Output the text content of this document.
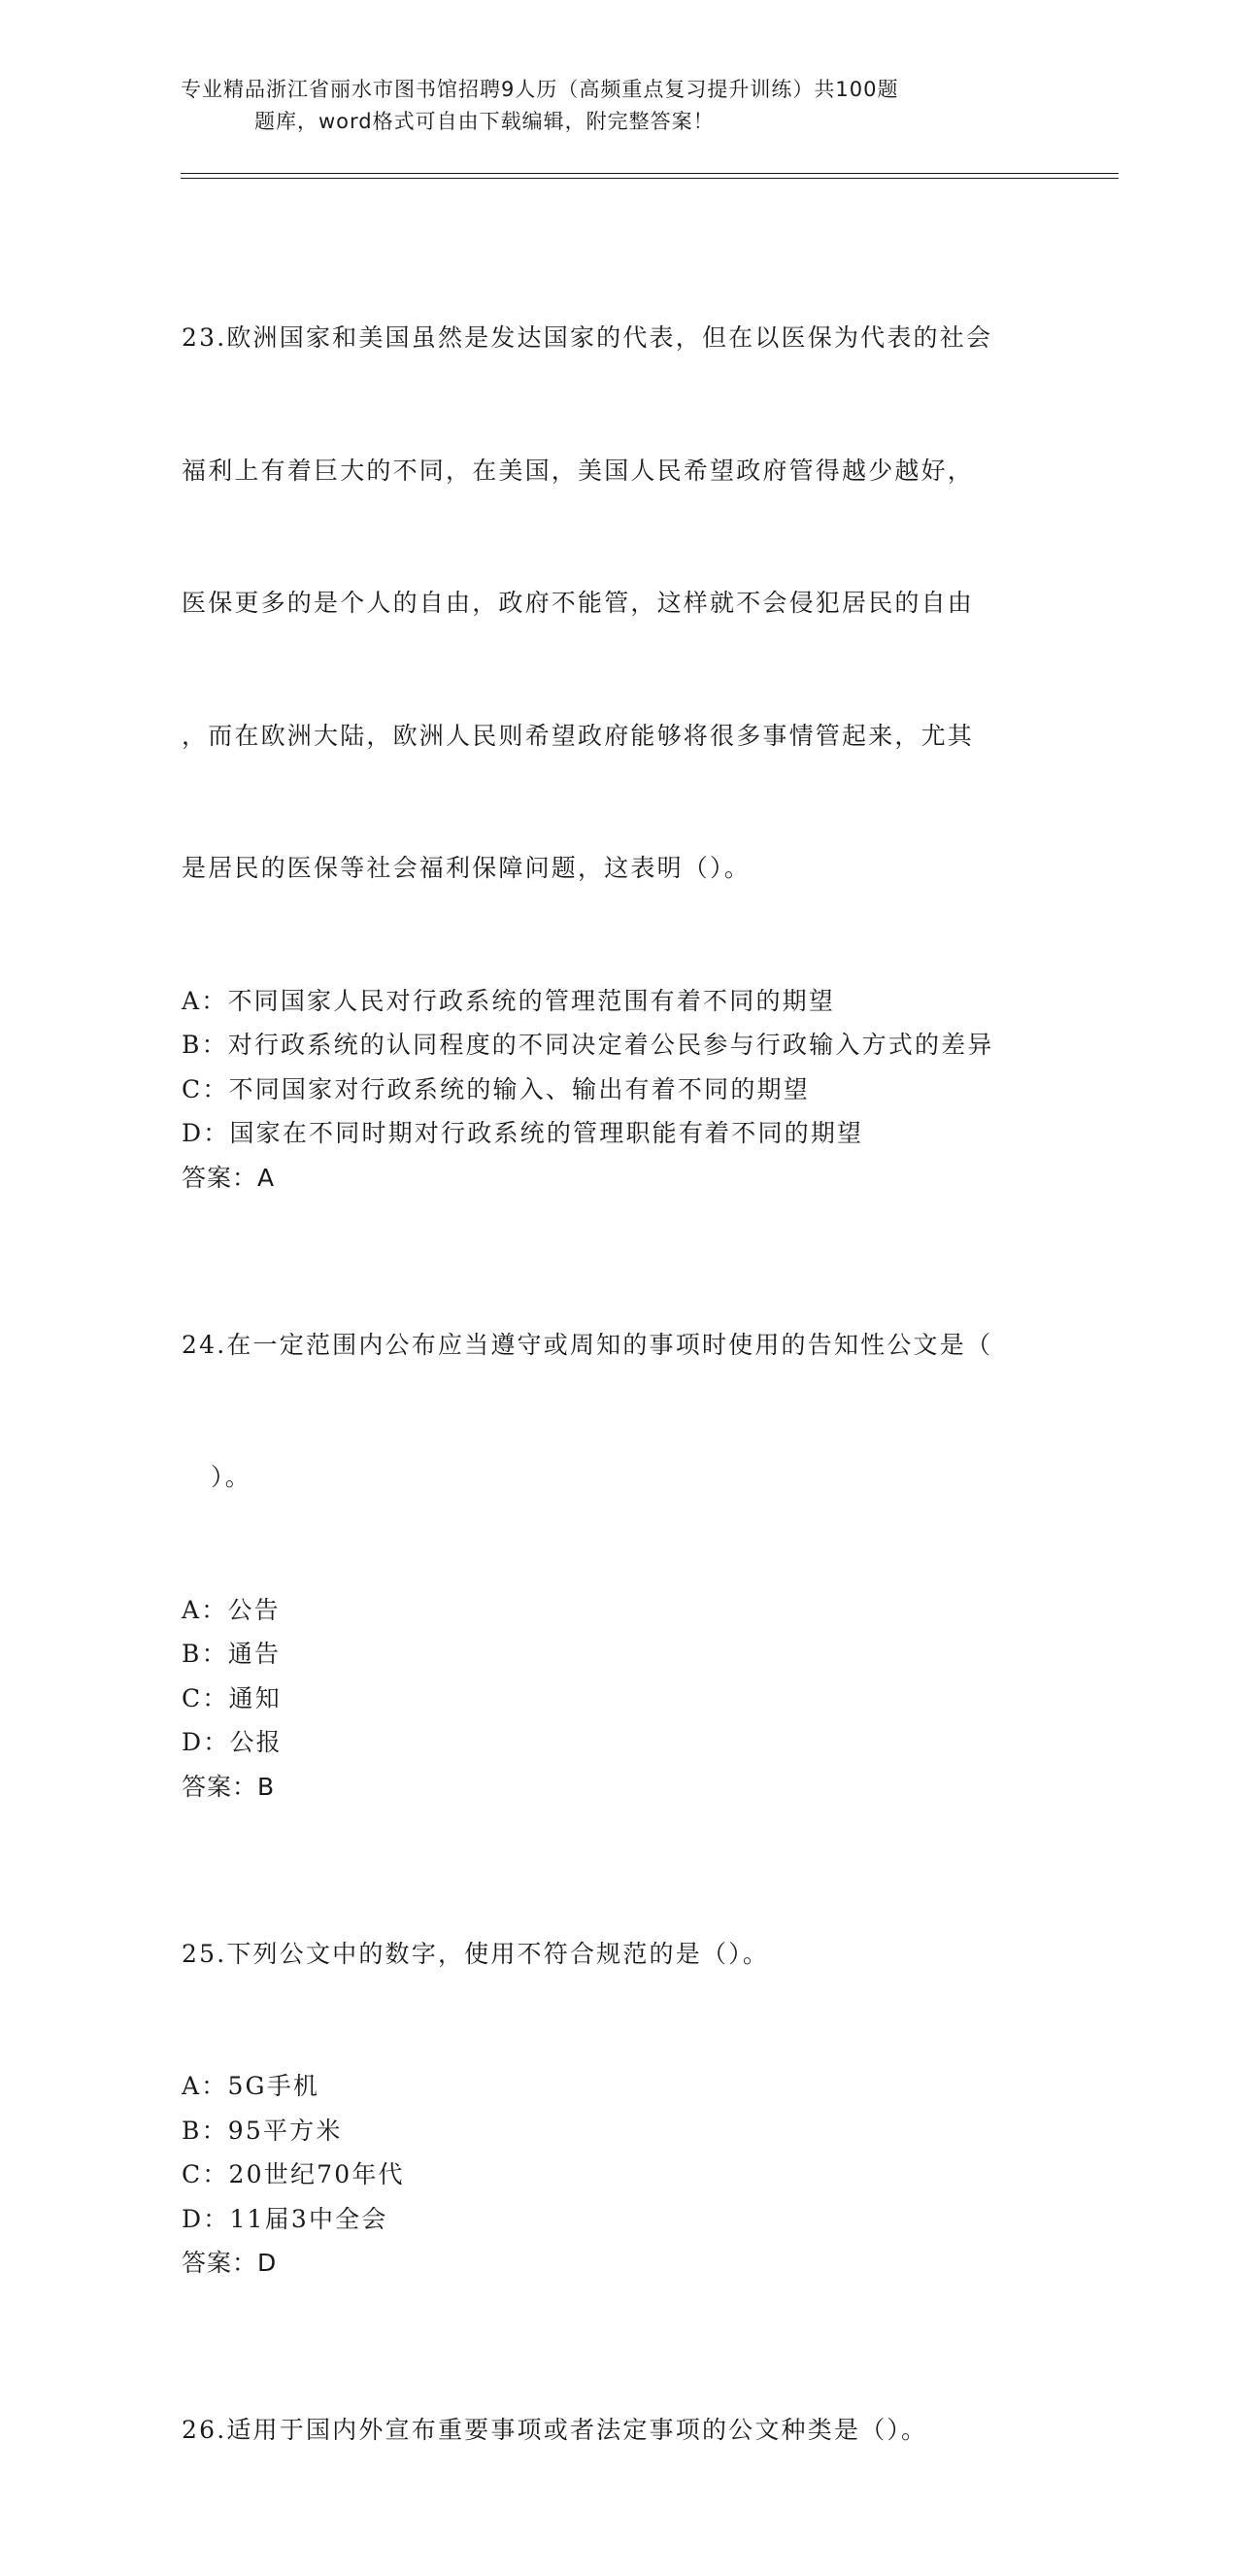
专业精品浙江省丽水市图书馆招聘9人历（高频重点复习提升训练）共100题
题库，word格式可自由下载编辑，附完整答案！

23.欧洲国家和美国虽然是发达国家的代表，但在以医保为代表的社会

福利上有着巨大的不同，在美国，美国人民希望政府管得越少越好，

医保更多的是个人的自由，政府不能管，这样就不会侵犯居民的自由

，而在欧洲大陆，欧洲人民则希望政府能够将很多事情管起来，尤其

是居民的医保等社会福利保障问题，这表明（）。

A：不同国家人民对行政系统的管理范围有着不同的期望
B：对行政系统的认同程度的不同决定着公民参与行政输入方式的差异
C：不同国家对行政系统的输入、输出有着不同的期望
D：国家在不同时期对行政系统的管理职能有着不同的期望
答案：A

24.在一定范围内公布应当遵守或周知的事项时使用的告知性公文是（

）。

A：公告
B：通告
C：通知
D：公报
答案：B

25.下列公文中的数字，使用不符合规范的是（）。

A：5G手机
B：95平方米
C：20世纪70年代
D：11届3中全会
答案：D

26.适用于国内外宣布重要事项或者法定事项的公文种类是（）。
